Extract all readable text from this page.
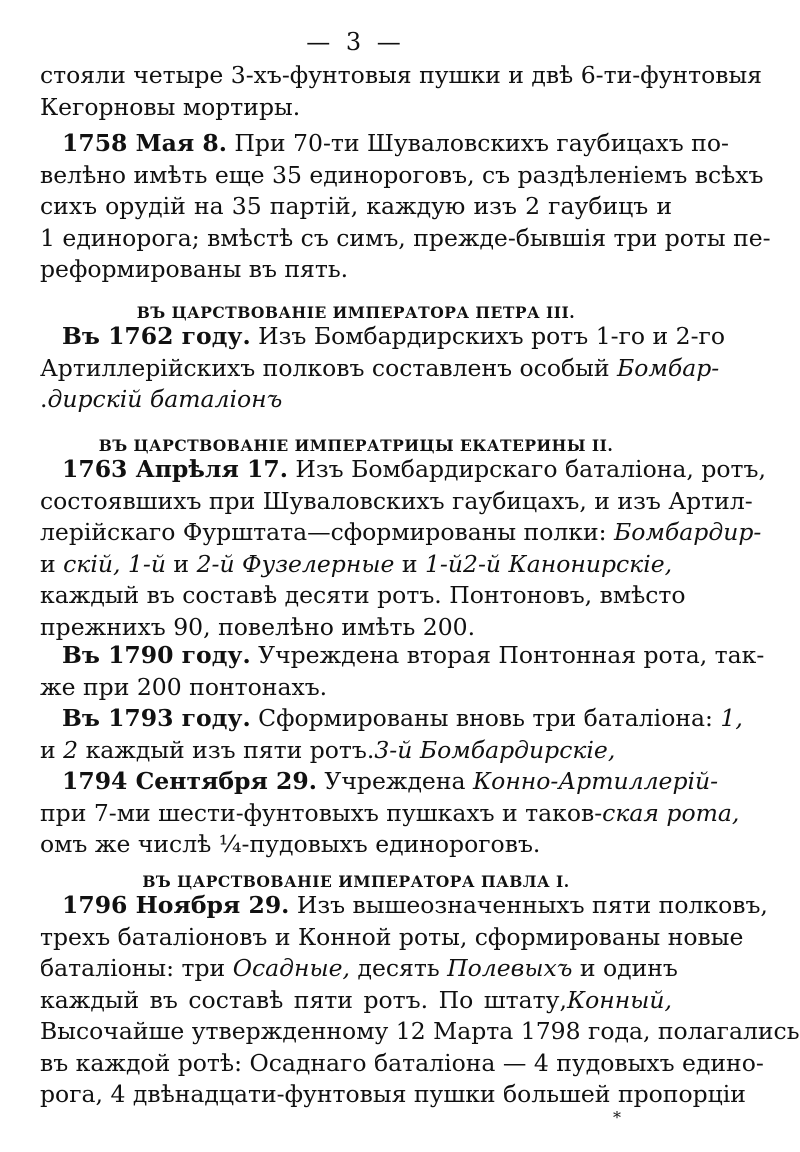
— 3 —
стояли четыре 3-хъ-фунтовыя пушки и двѣ 6-ти-фунтовыя
Кегорновы мортиры.
1758 Мая 8. При 70-ти Шуваловскихъ гаубицахъ по-
велѣно имѣть еще 35 единороговъ, съ раздѣленіемъ всѣхъ
сихъ орудій на 35 партій, каждую изъ 2 гаубицъ и
1 единорога; вмѣстѣ съ симъ, прежде-бывшія три роты пе-
реформированы въ пять.
ВЪ ЦАРСТВОВАНІЕ ИМПЕРАТОРА ПЕТРА III.
Въ 1762 году. Изъ Бомбардирскихъ ротъ 1-го и 2-го
Артиллерійскихъ полковъ составленъ особый Бомбар-
.дирскій баталіонъ
ВЪ ЦАРСТВОВАНІЕ ИМПЕРАТРИЦЫ ЕКАТЕРИНЫ II.
1763 Апрѣля 17. Изъ Бомбардирскаго баталіона, ротъ,
состоявшихъ при Шуваловскихъ гаубицахъ, и изъ Артил-
лерійскаго Фурштата—сформированы полки: Бомбардир-
и скій, 1-й и 2-й Фузелерные и 1-й2-й Канонирскіе,
каждый въ составѣ десяти ротъ. Понтоновъ, вмѣсто
прежнихъ 90, повелѣно имѣть 200.
Въ 1790 году. Учреждена вторая Понтонная рота, так-
же при 200 понтонахъ.
Въ 1793 году. Сформированы вновь три баталіона: 1,
и 2 каждый изъ пяти ротъ.3-й Бомбардирскіе,
1794 Сентября 29. Учреждена Конно-Артиллерій-
при 7-ми шести-фунтовыхъ пушкахъ и таков-ская рота,
омъ же числѣ ¼-пудовыхъ единороговъ.
ВЪ ЦАРСТВОВАНІЕ ИМПЕРАТОРА ПАВЛА I.
1796 Ноября 29. Изъ вышеозначенныхъ пяти полковъ,
трехъ баталіоновъ и Конной роты, сформированы новые
баталіоны: три Осадные, десять Полевыхъ и одинъ
каждый въ составѣ пяти ротъ. По штату,Конный,
Высочайше утвержденному 12 Марта 1798 года, полагались
въ каждой ротѣ: Осаднаго баталіона — 4 пудовыхъ едино-
рога, 4 двѣнадцати-фунтовыя пушки большей пропорціи
*
